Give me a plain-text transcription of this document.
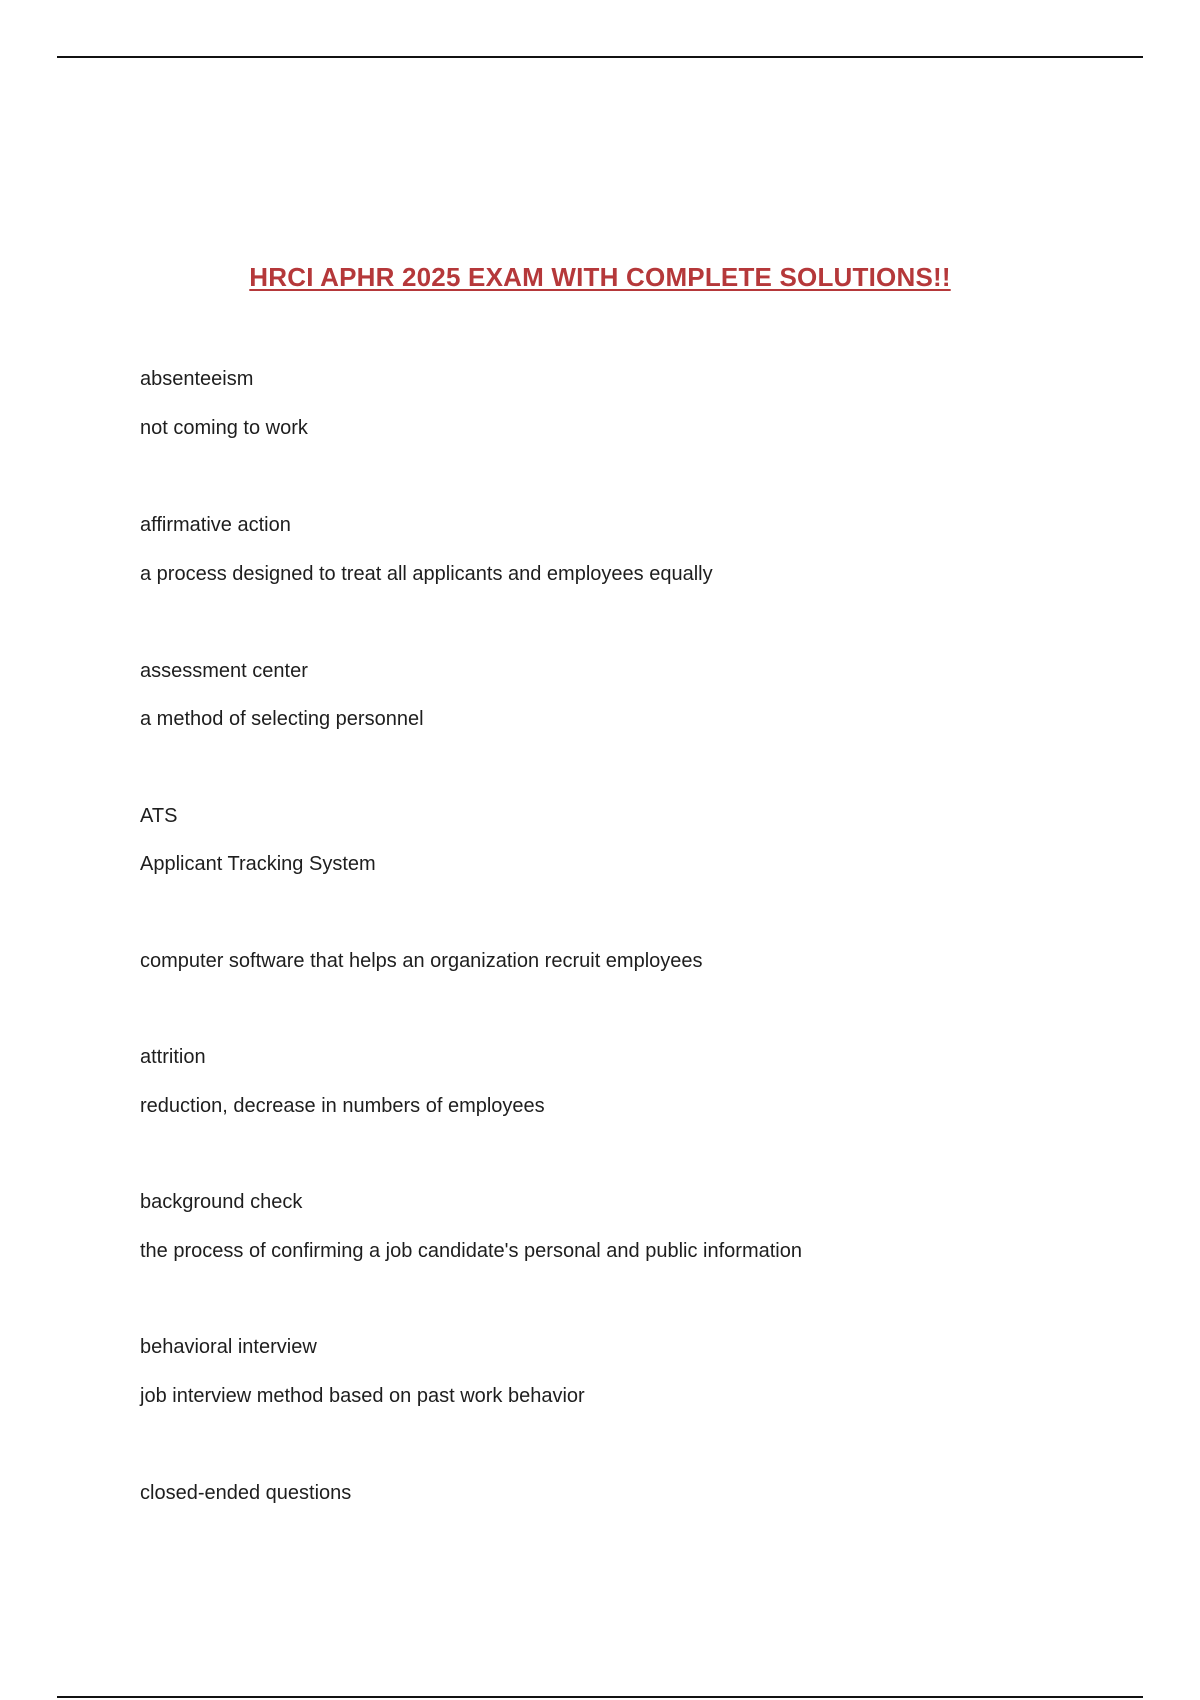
HRCI APHR 2025 EXAM WITH COMPLETE SOLUTIONS!!
absenteeism
not coming to work
affirmative action
a process designed to treat all applicants and employees equally
assessment center
a method of selecting personnel
ATS
Applicant Tracking System
computer software that helps an organization recruit employees
attrition
reduction, decrease in numbers of employees
background check
the process of confirming a job candidate's personal and public information
behavioral interview
job interview method based on past work behavior
closed-ended questions
